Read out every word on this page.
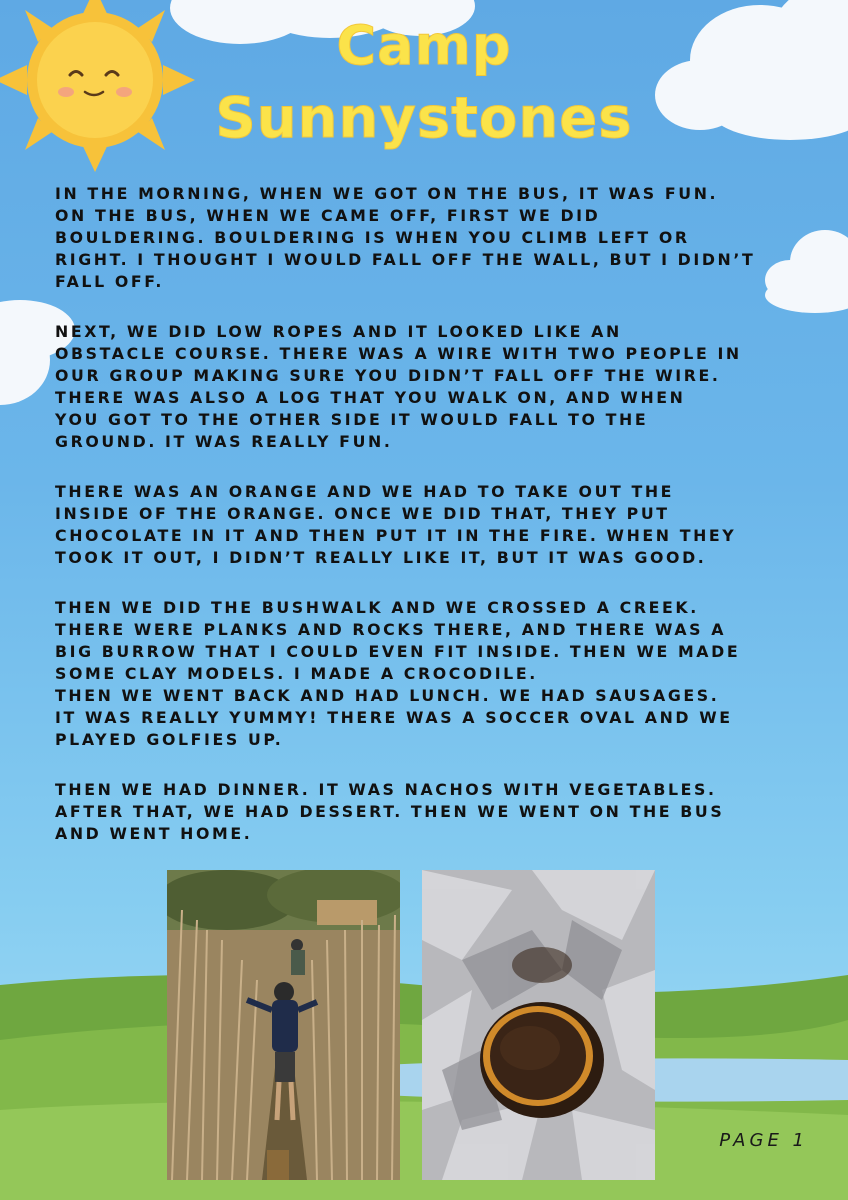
Camp
Sunnystones

IN THE MORNING, WHEN WE GOT ON THE BUS, IT WAS FUN.
ON THE BUS, WHEN WE CAME OFF, FIRST WE DID
BOULDERING. BOULDERING IS WHEN YOU CLIMB LEFT OR
RIGHT. I THOUGHT I WOULD FALL OFF THE WALL, BUT I DIDN’T
FALL OFF.

NEXT, WE DID LOW ROPES AND IT LOOKED LIKE AN
OBSTACLE COURSE. THERE WAS A WIRE WITH TWO PEOPLE IN
OUR GROUP MAKING SURE YOU DIDN’T FALL OFF THE WIRE.
THERE WAS ALSO A LOG THAT YOU WALK ON, AND WHEN
YOU GOT TO THE OTHER SIDE IT WOULD FALL TO THE
GROUND. IT WAS REALLY FUN.

THERE WAS AN ORANGE AND WE HAD TO TAKE OUT THE
INSIDE OF THE ORANGE. ONCE WE DID THAT, THEY PUT
CHOCOLATE IN IT AND THEN PUT IT IN THE FIRE. WHEN THEY
TOOK IT OUT, I DIDN’T REALLY LIKE IT, BUT IT WAS GOOD.

THEN WE DID THE BUSHWALK AND WE CROSSED A CREEK.
THERE WERE PLANKS AND ROCKS THERE, AND THERE WAS A
BIG BURROW THAT I COULD EVEN FIT INSIDE. THEN WE MADE
SOME CLAY MODELS. I MADE A CROCODILE.
THEN WE WENT BACK AND HAD LUNCH. WE HAD SAUSAGES.
IT WAS REALLY YUMMY! THERE WAS A SOCCER OVAL AND WE
PLAYED GOLFIES UP.

THEN WE HAD DINNER. IT WAS NACHOS WITH VEGETABLES.
AFTER THAT, WE HAD DESSERT. THEN WE WENT ON THE BUS
AND WENT HOME.

PAGE 1
